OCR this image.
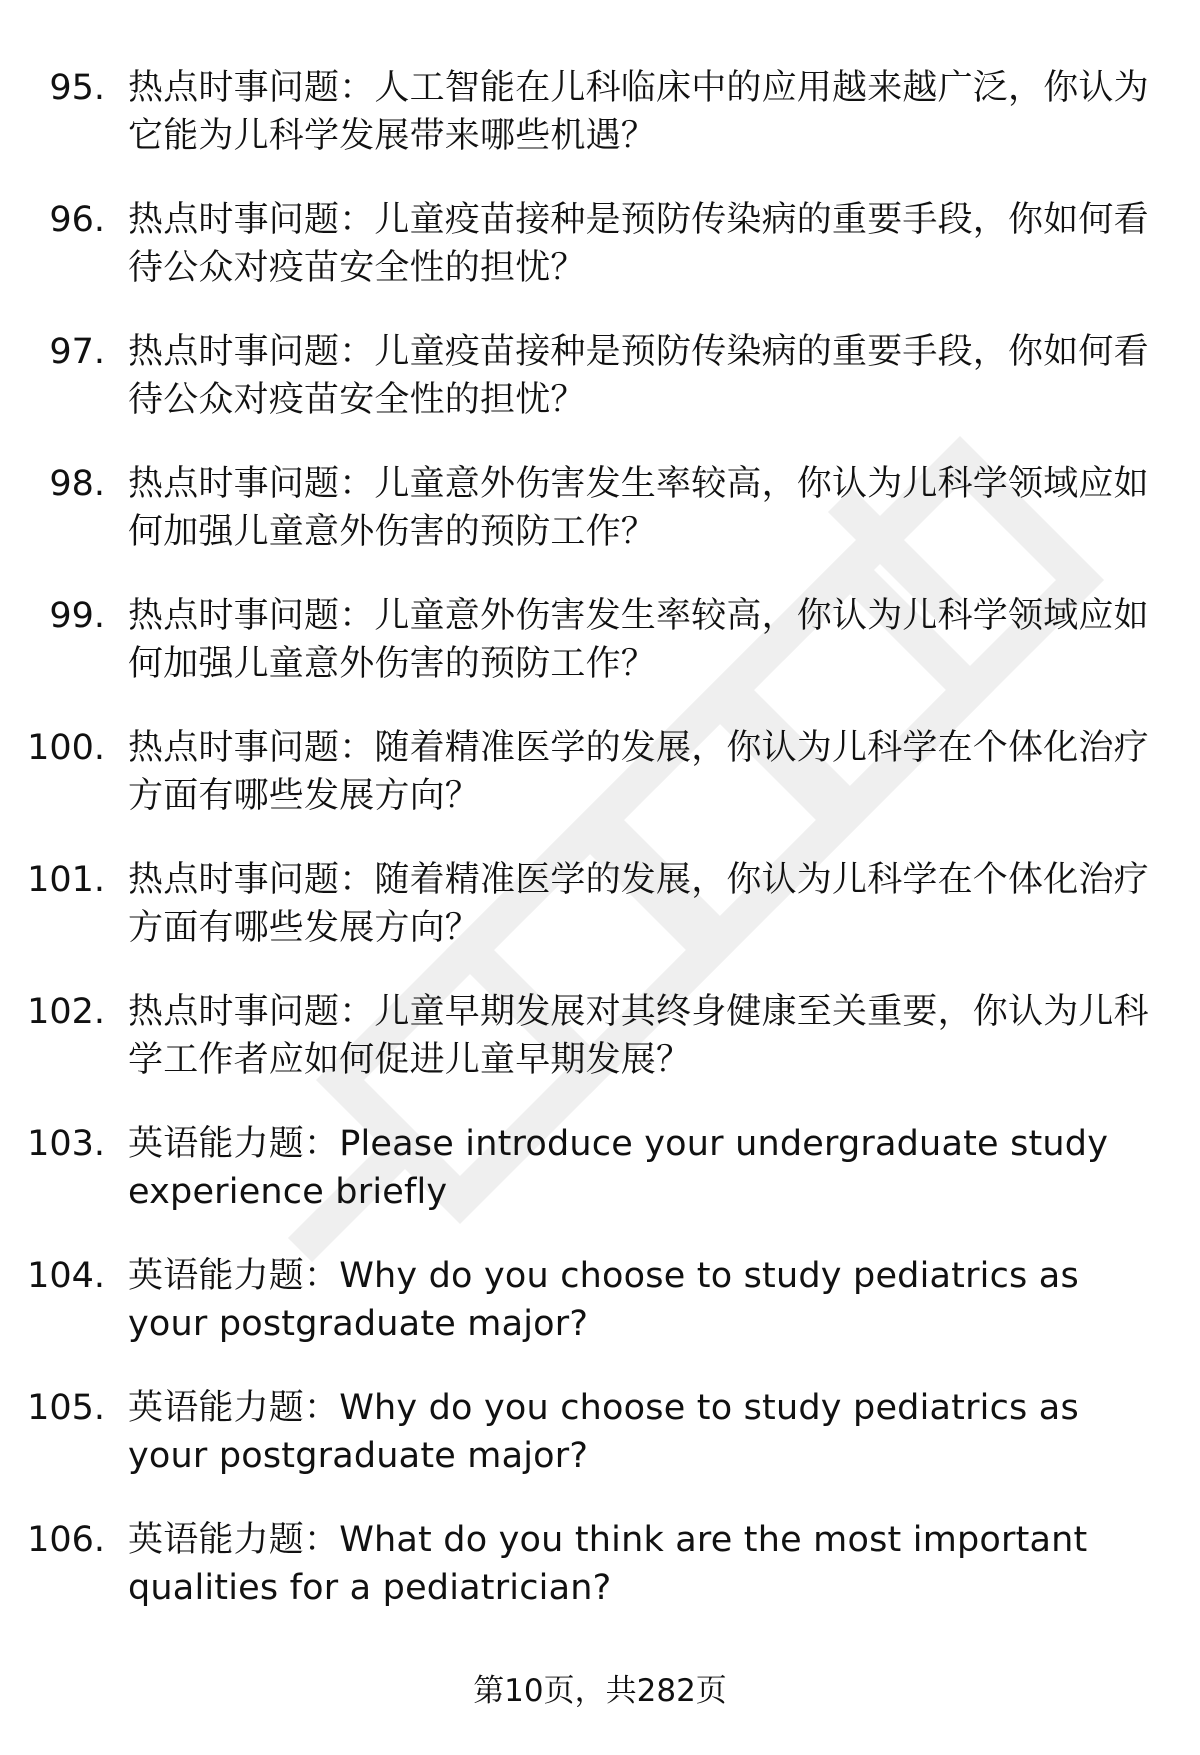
95. 热点时事问题：人工智能在儿科临床中的应用越来越广泛，你认为它能为儿科学发展带来哪些机遇？
96. 热点时事问题：儿童疫苗接种是预防传染病的重要手段，你如何看待公众对疫苗安全性的担忧？
97. 热点时事问题：儿童疫苗接种是预防传染病的重要手段，你如何看待公众对疫苗安全性的担忧？
98. 热点时事问题：儿童意外伤害发生率较高，你认为儿科学领域应如何加强儿童意外伤害的预防工作？
99. 热点时事问题：儿童意外伤害发生率较高，你认为儿科学领域应如何加强儿童意外伤害的预防工作？
100. 热点时事问题：随着精准医学的发展，你认为儿科学在个体化治疗方面有哪些发展方向？
101. 热点时事问题：随着精准医学的发展，你认为儿科学在个体化治疗方面有哪些发展方向？
102. 热点时事问题：儿童早期发展对其终身健康至关重要，你认为儿科学工作者应如何促进儿童早期发展？
103. 英语能力题：Please introduce your undergraduate study experience briefly
104. 英语能力题：Why do you choose to study pediatrics as your postgraduate major?
105. 英语能力题：Why do you choose to study pediatrics as your postgraduate major?
106. 英语能力题：What do you think are the most important qualities for a pediatrician?
第10页，共282页
